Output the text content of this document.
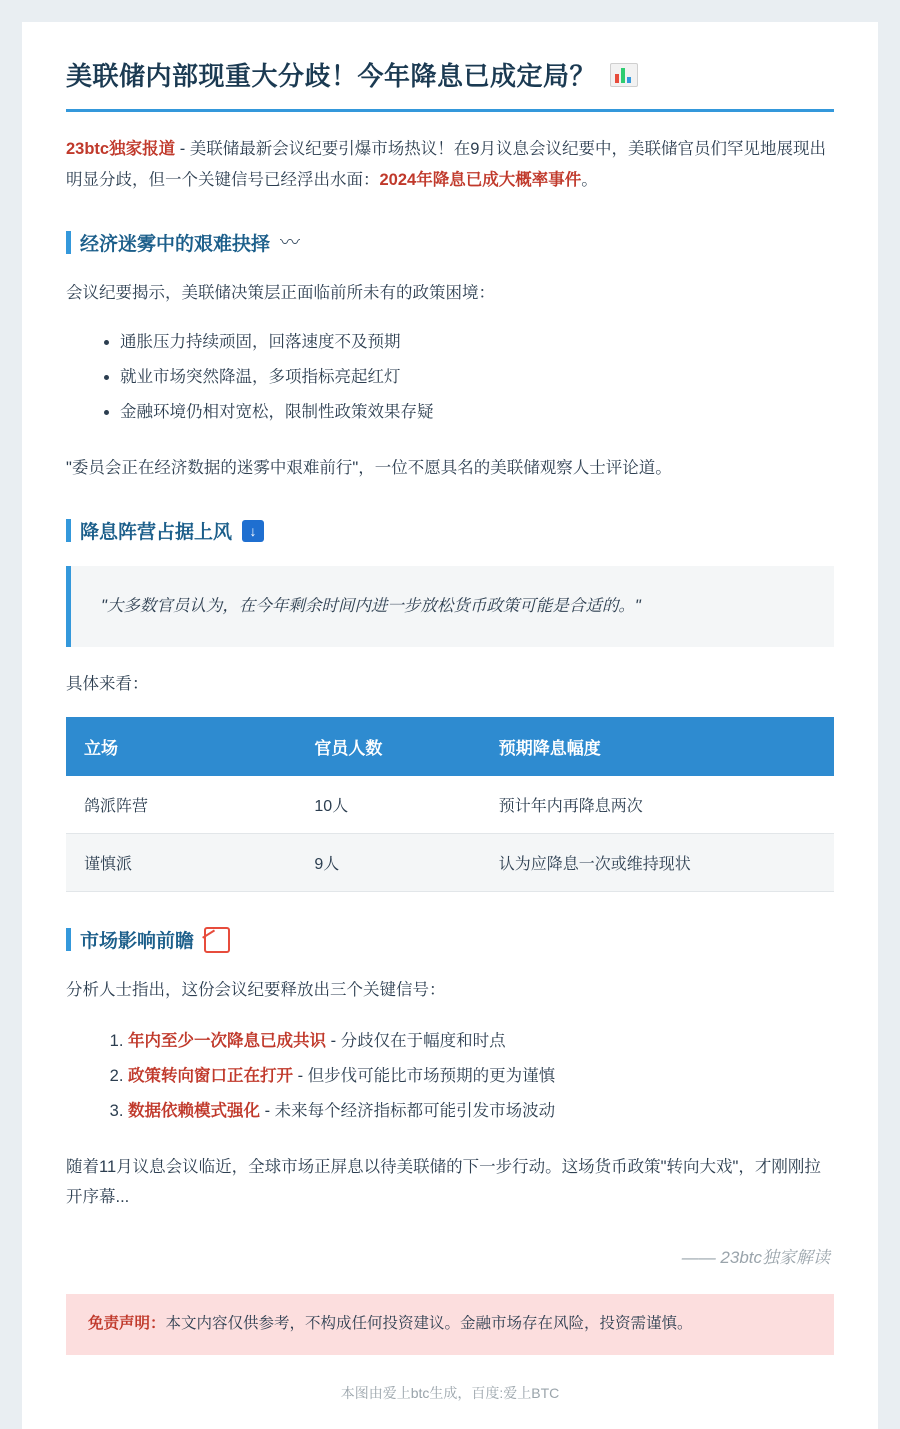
美联储内部现重大分歧！今年降息已成定局？

23btc独家报道 - 美联储最新会议纪要引爆市场热议！在9月议息会议纪要中，美联储官员们罕见地展现出明显分歧，但一个关键信号已经浮出水面：2024年降息已成大概率事件。

经济迷雾中的艰难抉择 〰

会议纪要揭示，美联储决策层正面临前所未有的政策困境：

• 通胀压力持续顽固，回落速度不及预期
• 就业市场突然降温，多项指标亮起红灯
• 金融环境仍相对宽松，限制性政策效果存疑

"委员会正在经济数据的迷雾中艰难前行"，一位不愿具名的美联储观察人士评论道。

降息阵营占据上风	↓
"大多数官员认为，在今年剩余时间内进一步放松货币政策可能是合适的。"

具体来看：

立场	官员人数	预期降息幅度
鸽派阵营	10人	预计年内再降息两次
谨慎派	9人	认为应降息一次或维持现状
市场影响前瞻

分析人士指出，这份会议纪要释放出三个关键信号：

1. 年内至少一次降息已成共识 - 分歧仅在于幅度和时点
2. 政策转向窗口正在打开 - 但步伐可能比市场预期的更为谨慎
3. 数据依赖模式强化 - 未来每个经济指标都可能引发市场波动

随着11月议息会议临近，全球市场正屏息以待美联储的下一步行动。这场货币政策"转向大戏"，才刚刚拉开序幕...

—— 23btc独家解读
免责声明：本文内容仅供参考，不构成任何投资建议。金融市场存在风险，投资需谨慎。
本图由爱上btc生成，百度:爱上BTC
